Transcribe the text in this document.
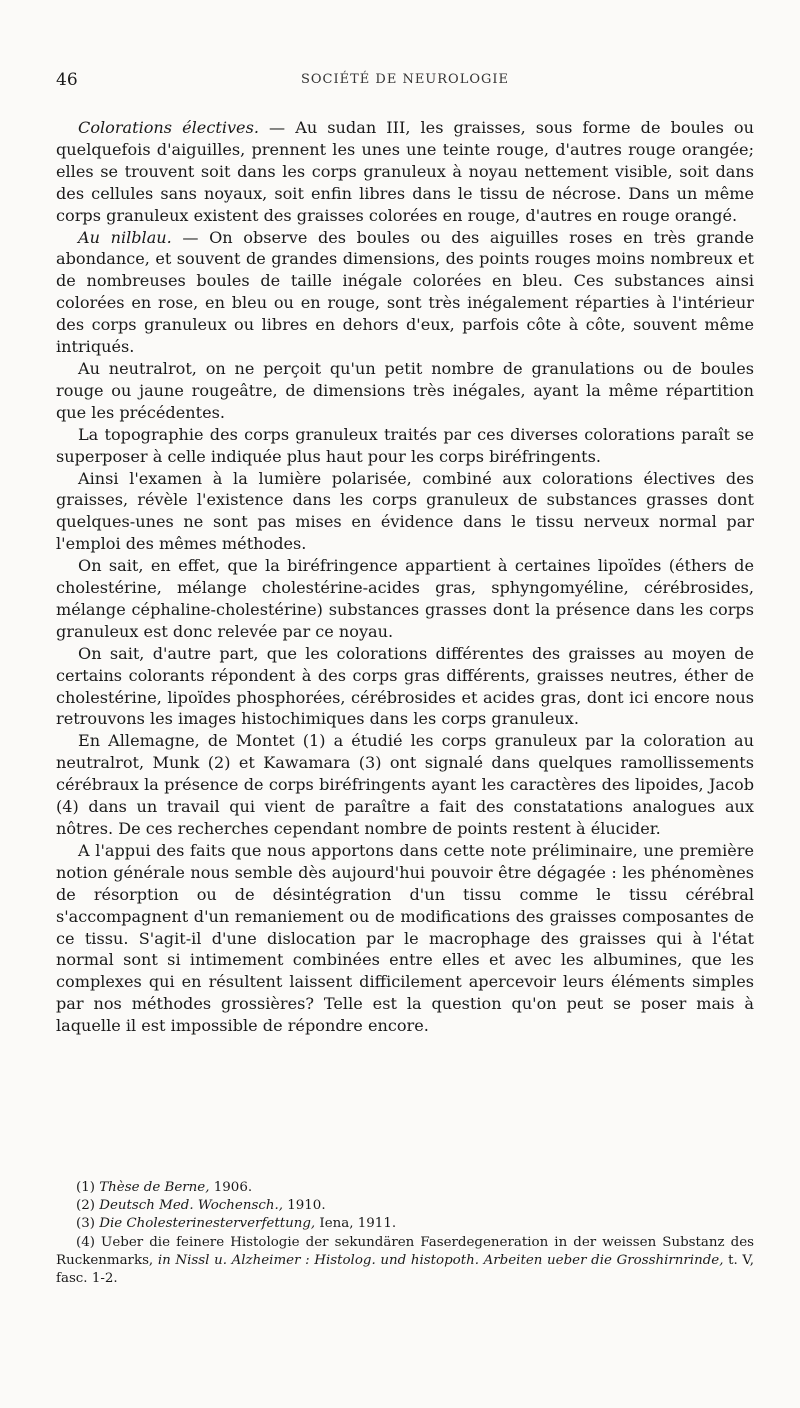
46	SOCIÉTÉ DE NEUROLOGIE

Colorations électives. — Au sudan III, les graisses, sous forme de boules ou quelquefois d'aiguilles, prennent les unes une teinte rouge, d'autres rouge orangée; elles se trouvent soit dans les corps granuleux à noyau nettement visible, soit dans des cellules sans noyaux, soit enfin libres dans le tissu de nécrose. Dans un même corps granuleux existent des graisses colorées en rouge, d'autres en rouge orangé.

Au nilblau. — On observe des boules ou des aiguilles roses en très grande abondance, et souvent de grandes dimensions, des points rouges moins nombreux et de nombreuses boules de taille inégale colorées en bleu. Ces substances ainsi colorées en rose, en bleu ou en rouge, sont très inégalement réparties à l'intérieur des corps granuleux ou libres en dehors d'eux, parfois côte à côte, souvent même intriqués.

Au neutralrot, on ne perçoit qu'un petit nombre de granulations ou de boules rouge ou jaune rougeâtre, de dimensions très inégales, ayant la même répartition que les précédentes.

La topographie des corps granuleux traités par ces diverses colorations paraît se superposer à celle indiquée plus haut pour les corps biréfringents.

Ainsi l'examen à la lumière polarisée, combiné aux colorations électives des graisses, révèle l'existence dans les corps granuleux de substances grasses dont quelques-unes ne sont pas mises en évidence dans le tissu nerveux normal par l'emploi des mêmes méthodes.

On sait, en effet, que la biréfringence appartient à certaines lipoïdes (éthers de cholestérine, mélange cholestérine-acides gras, sphyngomyéline, cérébrosides, mélange céphaline-cholestérine) substances grasses dont la présence dans les corps granuleux est donc relevée par ce noyau.

On sait, d'autre part, que les colorations différentes des graisses au moyen de certains colorants répondent à des corps gras différents, graisses neutres, éther de cholestérine, lipoïdes phosphorées, cérébrosides et acides gras, dont ici encore nous retrouvons les images histochimiques dans les corps granuleux.

En Allemagne, de Montet (1) a étudié les corps granuleux par la coloration au neutralrot, Munk (2) et Kawamara (3) ont signalé dans quelques ramollissements cérébraux la présence de corps biréfringents ayant les caractères des lipoides, Jacob (4) dans un travail qui vient de paraître a fait des constatations analogues aux nôtres. De ces recherches cependant nombre de points restent à élucider.

A l'appui des faits que nous apportons dans cette note préliminaire, une première notion générale nous semble dès aujourd'hui pouvoir être dégagée : les phénomènes de résorption ou de désintégration d'un tissu comme le tissu cérébral s'accompagnent d'un remaniement ou de modifications des graisses composantes de ce tissu. S'agit-il d'une dislocation par le macrophage des graisses qui à l'état normal sont si intimement combinées entre elles et avec les albumines, que les complexes qui en résultent laissent difficilement apercevoir leurs éléments simples par nos méthodes grossières? Telle est la question qu'on peut se poser mais à laquelle il est impossible de répondre encore.

(1) Thèse de Berne, 1906.

(2) Deutsch Med. Wochensch., 1910.

(3) Die Cholesterinesterverfettung, Iena, 1911.

(4) Ueber die feinere Histologie der sekundären Faserdegeneration in der weissen Substanz des Ruckenmarks, in Nissl u. Alzheimer : Histolog. und histopoth. Arbeiten ueber die Grosshirnrinde, t. V, fasc. 1-2.
